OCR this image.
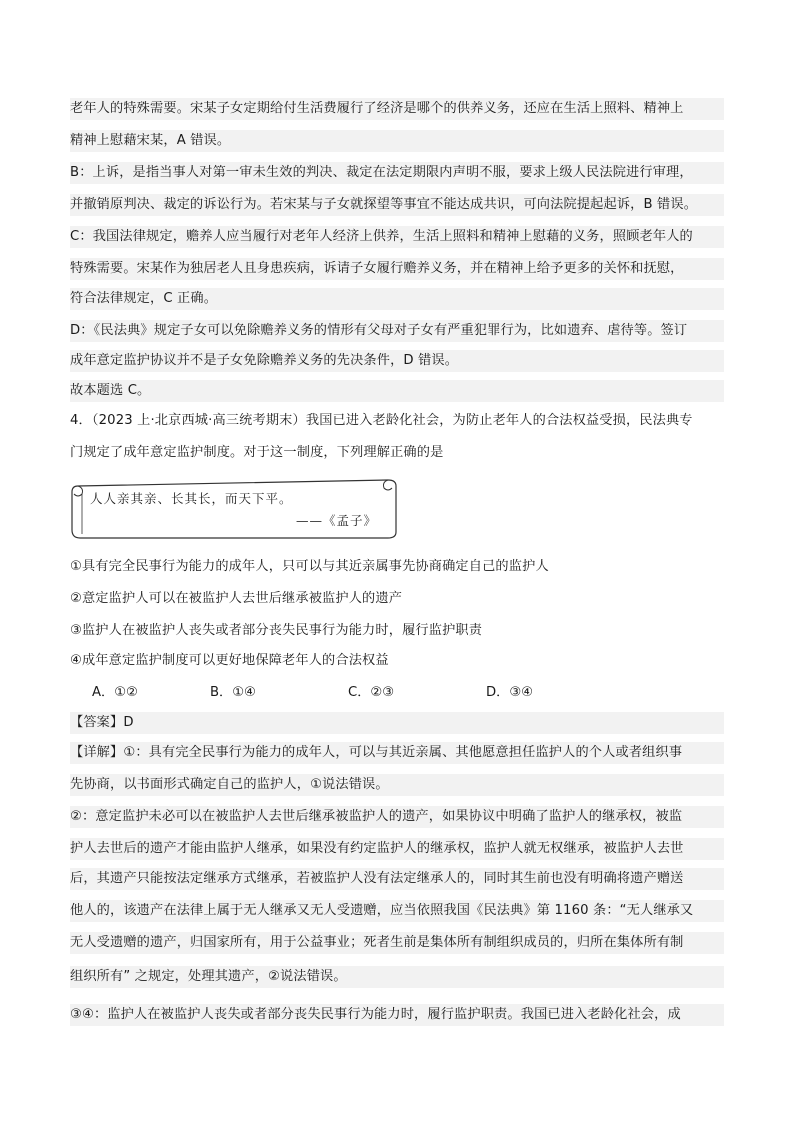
老年人的特殊需要。宋某子女定期给付生活费履行了经济是哪个的供养义务，还应在生活上照料、精神上
精神上慰藉宋某，A 错误。
B：上诉，是指当事人对第一审未生效的判决、裁定在法定期限内声明不服，要求上级人民法院进行审理，
并撤销原判决、裁定的诉讼行为。若宋某与子女就探望等事宜不能达成共识，可向法院提起起诉，B 错误。
C：我国法律规定，赡养人应当履行对老年人经济上供养，生活上照料和精神上慰藉的义务，照顾老年人的
特殊需要。宋某作为独居老人且身患疾病，诉请子女履行赡养义务，并在精神上给予更多的关怀和抚慰，
符合法律规定，C 正确。
D：《民法典》规定子女可以免除赡养义务的情形有父母对子女有严重犯罪行为，比如遗弃、虐待等。签订
成年意定监护协议并不是子女免除赡养义务的先决条件，D 错误。
故本题选 C。
4．（2023 上·北京西城·高三统考期末）我国已进入老龄化社会，为防止老年人的合法权益受损，民法典专
门规定了成年意定监护制度。对于这一制度，下列理解正确的是
人人亲其亲、长其长，而天下平。
——《孟子》
①具有完全民事行为能力的成年人，只可以与其近亲属事先协商确定自己的监护人
②意定监护人可以在被监护人去世后继承被监护人的遗产
③监护人在被监护人丧失或者部分丧失民事行为能力时，履行监护职责
④成年意定监护制度可以更好地保障老年人的合法权益
A．①②	B．①④	C．②③	D．③④
【答案】D
【详解】①：具有完全民事行为能力的成年人，可以与其近亲属、其他愿意担任监护人的个人或者组织事
先协商，以书面形式确定自己的监护人，①说法错误。
②：意定监护未必可以在被监护人去世后继承被监护人的遗产，如果协议中明确了监护人的继承权，被监
护人去世后的遗产才能由监护人继承，如果没有约定监护人的继承权，监护人就无权继承，被监护人去世
后，其遗产只能按法定继承方式继承，若被监护人没有法定继承人的，同时其生前也没有明确将遗产赠送
他人的，该遗产在法律上属于无人继承又无人受遗赠，应当依照我国《民法典》第 1160 条：“无人继承又
无人受遗赠的遗产，归国家所有，用于公益事业；死者生前是集体所有制组织成员的，归所在集体所有制
组织所有” 之规定，处理其遗产，②说法错误。
③④：监护人在被监护人丧失或者部分丧失民事行为能力时，履行监护职责。我国已进入老龄化社会，成
